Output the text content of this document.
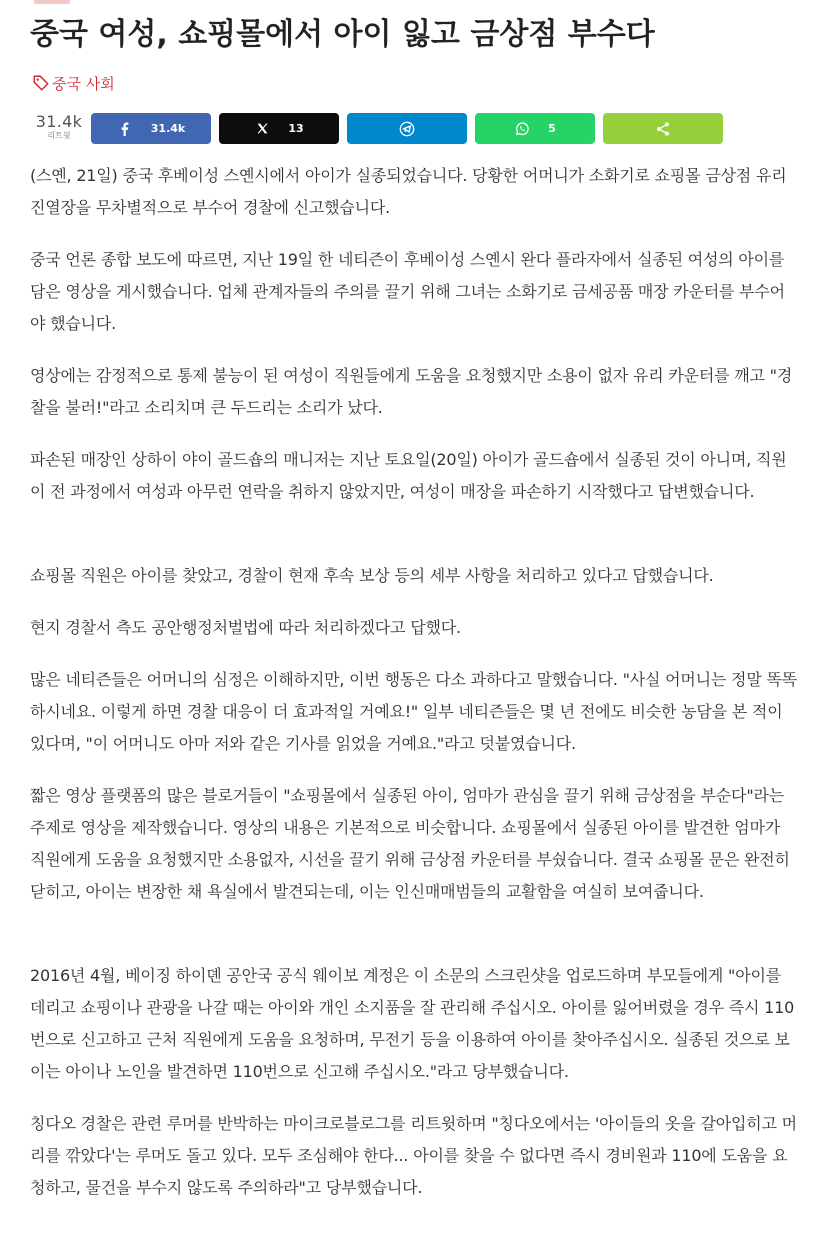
중국 여성, 쇼핑몰에서 아이 잃고 금상점 부수다
중국 사회
31.4k
리트윗
31.4k	13	5

(스옌, 21일) 중국 후베이성 스옌시에서 아이가 실종되었습니다. 당황한 어머니가 소화기로 쇼핑몰 금상점 유리 진열장을 무차별적으로 부수어 경찰에 신고했습니다.

중국 언론 종합 보도에 따르면, 지난 19일 한 네티즌이 후베이성 스옌시 완다 플라자에서 실종된 여성의 아이를 담은 영상을 게시했습니다. 업체 관계자들의 주의를 끌기 위해 그녀는 소화기로 금세공품 매장 카운터를 부수어야 했습니다.

영상에는 감정적으로 통제 불능이 된 여성이 직원들에게 도움을 요청했지만 소용이 없자 유리 카운터를 깨고 "경찰을 불러!"라고 소리치며 큰 두드리는 소리가 났다.

파손된 매장인 상하이 야이 골드숍의 매니저는 지난 토요일(20일) 아이가 골드숍에서 실종된 것이 아니며, 직원이 전 과정에서 여성과 아무런 연락을 취하지 않았지만, 여성이 매장을 파손하기 시작했다고 답변했습니다.

쇼핑몰 직원은 아이를 찾았고, 경찰이 현재 후속 보상 등의 세부 사항을 처리하고 있다고 답했습니다.

현지 경찰서 측도 공안행정처벌법에 따라 처리하겠다고 답했다.

많은 네티즌들은 어머니의 심정은 이해하지만, 이번 행동은 다소 과하다고 말했습니다. "사실 어머니는 정말 똑똑하시네요. 이렇게 하면 경찰 대응이 더 효과적일 거예요!" 일부 네티즌들은 몇 년 전에도 비슷한 농담을 본 적이 있다며, "이 어머니도 아마 저와 같은 기사를 읽었을 거예요."라고 덧붙였습니다.

짧은 영상 플랫폼의 많은 블로거들이 "쇼핑몰에서 실종된 아이, 엄마가 관심을 끌기 위해 금상점을 부순다"라는 주제로 영상을 제작했습니다. 영상의 내용은 기본적으로 비슷합니다. 쇼핑몰에서 실종된 아이를 발견한 엄마가 직원에게 도움을 요청했지만 소용없자, 시선을 끌기 위해 금상점 카운터를 부쉈습니다. 결국 쇼핑몰 문은 완전히 닫히고, 아이는 변장한 채 욕실에서 발견되는데, 이는 인신매매범들의 교활함을 여실히 보여줍니다.

2016년 4월, 베이징 하이뎬 공안국 공식 웨이보 계정은 이 소문의 스크린샷을 업로드하며 부모들에게 "아이를 데리고 쇼핑이나 관광을 나갈 때는 아이와 개인 소지품을 잘 관리해 주십시오. 아이를 잃어버렸을 경우 즉시 110번으로 신고하고 근처 직원에게 도움을 요청하며, 무전기 등을 이용하여 아이를 찾아주십시오. 실종된 것으로 보이는 아이나 노인을 발견하면 110번으로 신고해 주십시오."라고 당부했습니다.

칭다오 경찰은 관련 루머를 반박하는 마이크로블로그를 리트윗하며 "칭다오에서는 '아이들의 옷을 갈아입히고 머리를 깎았다'는 루머도 돌고 있다. 모두 조심해야 한다... 아이를 찾을 수 없다면 즉시 경비원과 110에 도움을 요청하고, 물건을 부수지 않도록 주의하라"고 당부했습니다.
